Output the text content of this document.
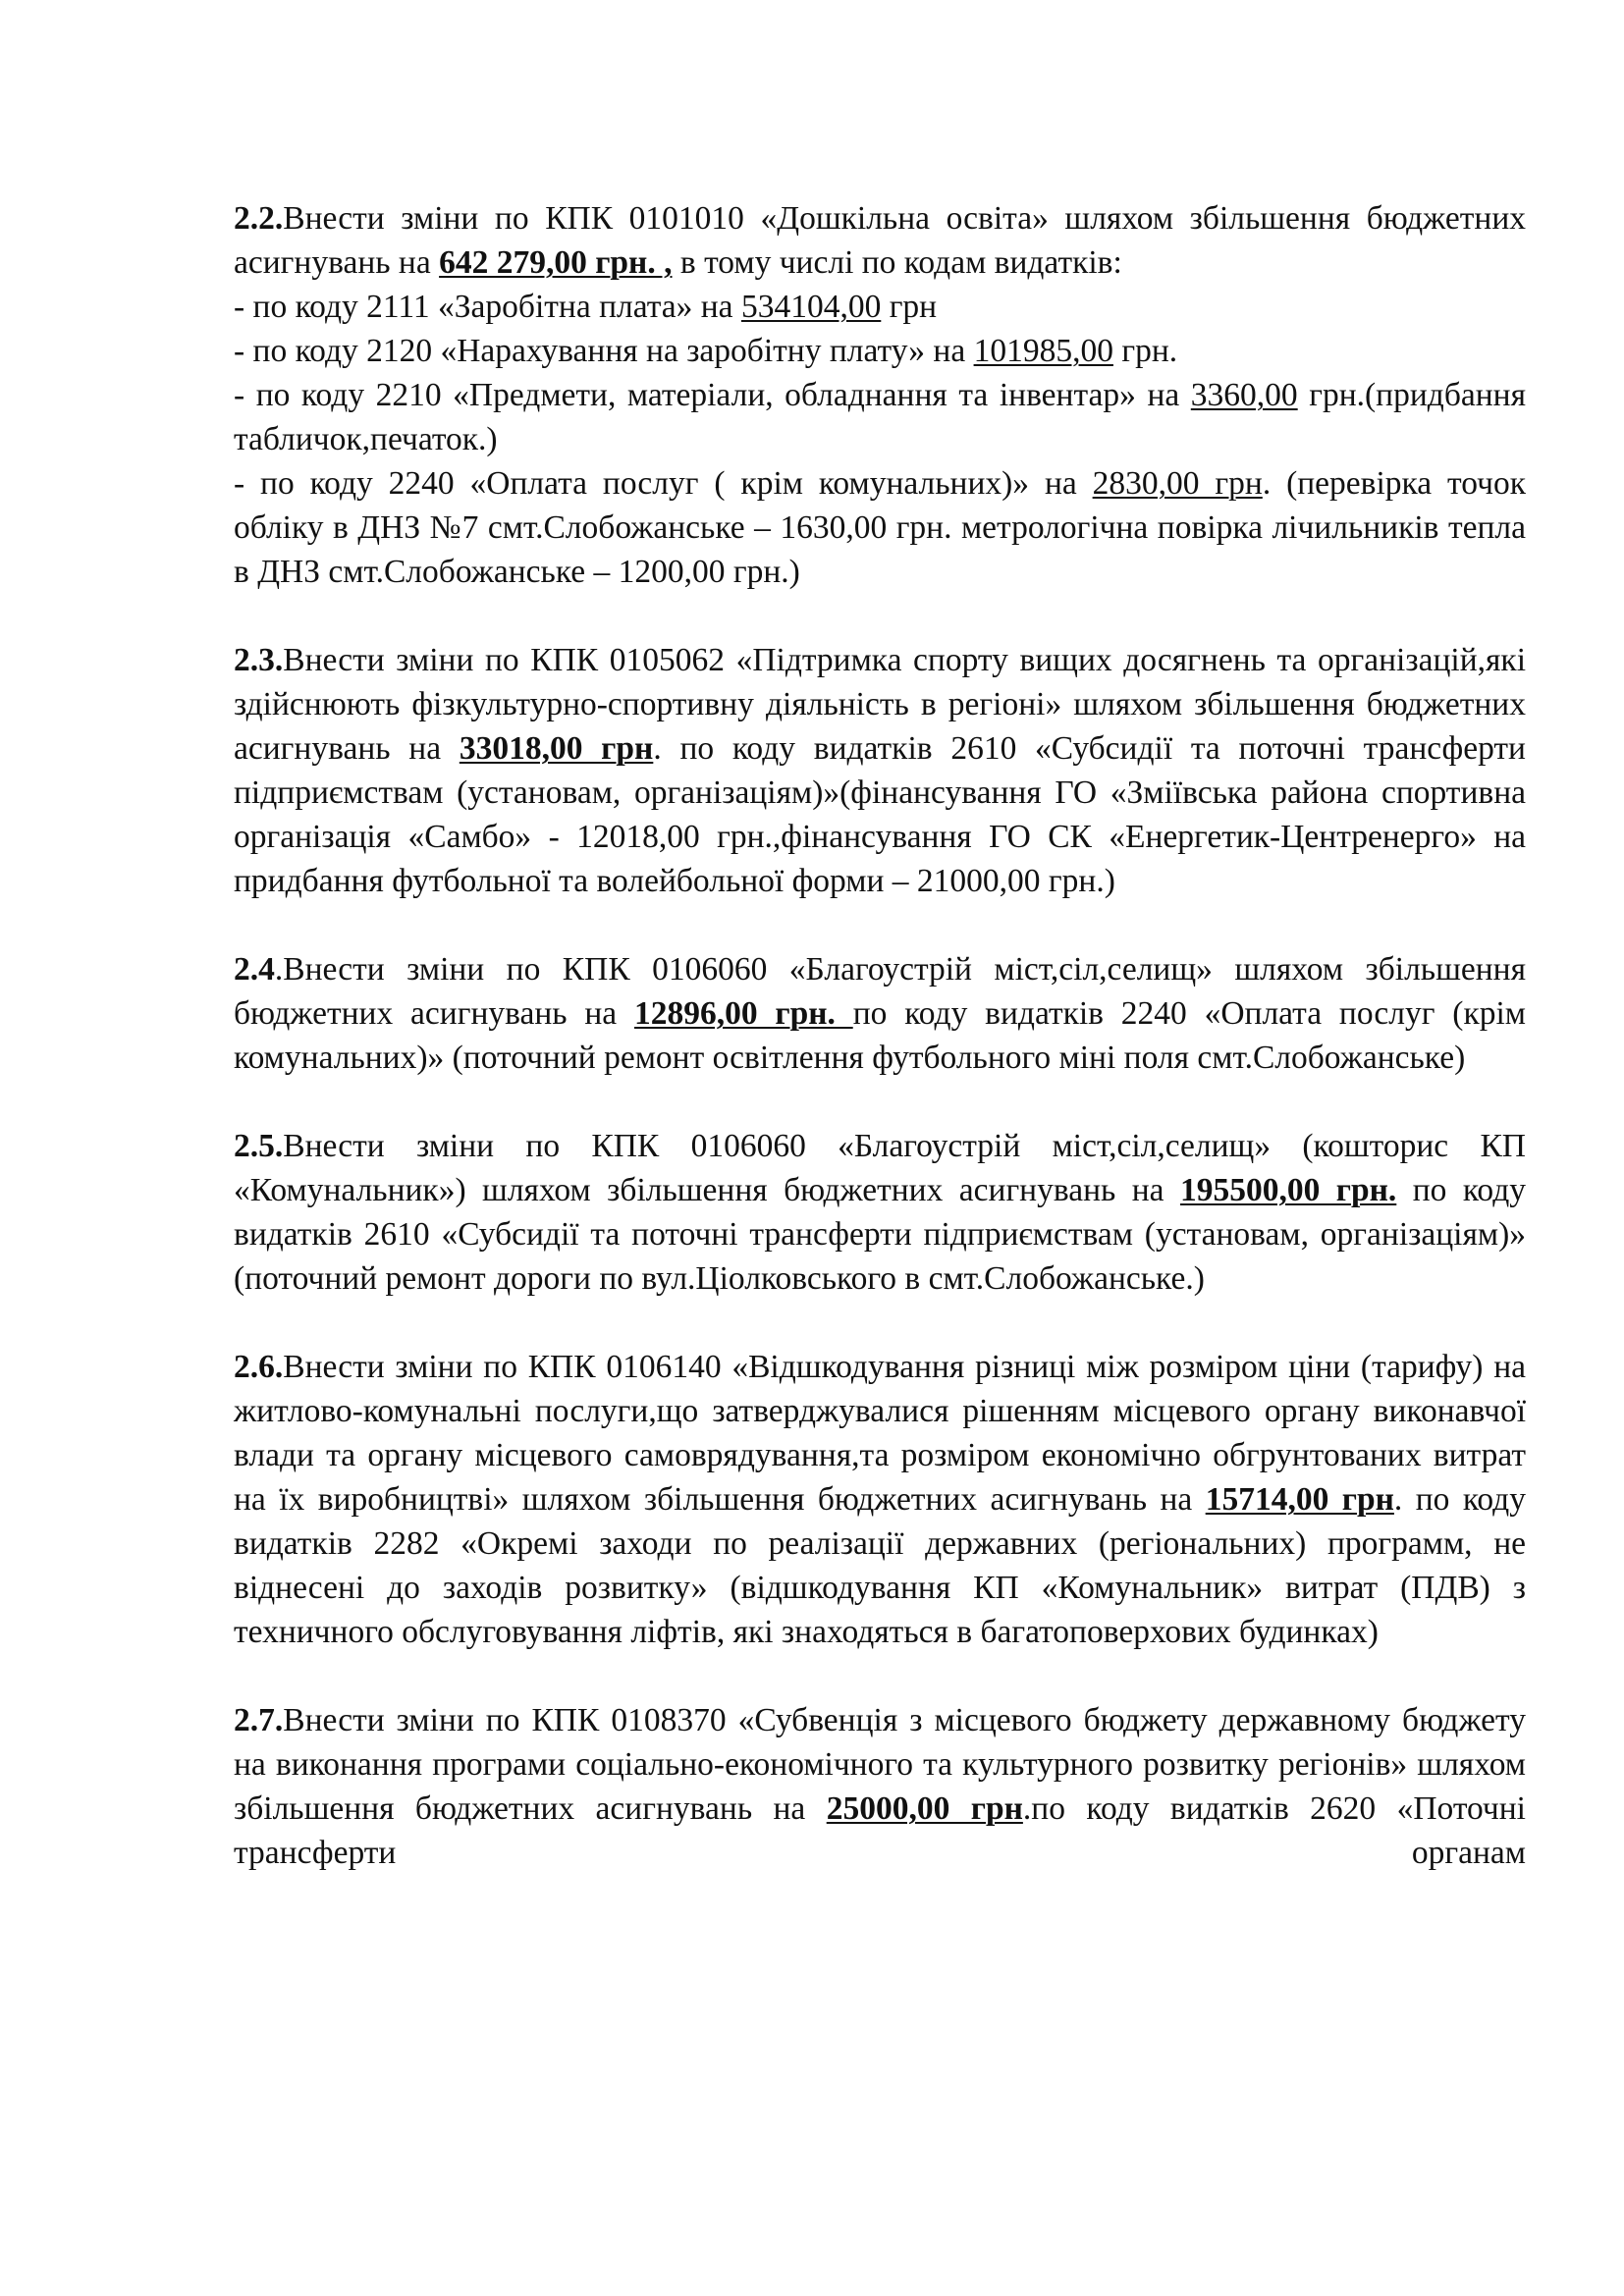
2.2.Внести зміни по КПК 0101010 «Дошкільна освіта» шляхом збільшення бюджетних асигнувань на 642 279,00 грн. , в тому числі по кодам видатків:

- по коду 2111 «Заробітна плата» на 534104,00 грн

- по коду 2120 «Нарахування на заробітну плату» на 101985,00 грн.

- по коду 2210 «Предмети, матеріали, обладнання та інвентар» на 3360,00 грн.(придбання табличок,печаток.)

- по коду 2240 «Оплата послуг ( крім комунальних)» на 2830,00 грн. (перевірка точок обліку в ДНЗ №7 смт.Слобожанське – 1630,00 грн. метрологічна повірка лічильників тепла в ДНЗ смт.Слобожанське – 1200,00 грн.)

2.3.Внести зміни по КПК 0105062 «Підтримка спорту вищих досягнень та організацій,які здійснюють фізкультурно-спортивну діяльність в регіоні» шляхом збільшення бюджетних асигнувань на 33018,00 грн. по коду видатків 2610 «Субсидії та поточні трансферти підприємствам (установам, організаціям)»(фінансування ГО «Зміївська района спортивна організація «Самбо» - 12018,00 грн.,фінансування ГО СК «Енергетик-Центренерго» на придбання футбольної та волейбольної форми – 21000,00 грн.)

2.4.Внести зміни по КПК 0106060 «Благоустрій міст,сіл,селищ» шляхом збільшення бюджетних асигнувань на 12896,00 грн. по коду видатків 2240 «Оплата послуг (крім комунальних)» (поточний ремонт освітлення футбольного міні поля смт.Слобожанське)

2.5.Внести зміни по КПК 0106060 «Благоустрій міст,сіл,селищ» (кошторис КП «Комунальник») шляхом збільшення бюджетних асигнувань на 195500,00 грн. по коду видатків 2610 «Субсидії та поточні трансферти підприємствам (установам, організаціям)» (поточний ремонт дороги по вул.Ціолковського в смт.Слобожанське.)

2.6.Внести зміни по КПК 0106140 «Відшкодування різниці між розміром ціни (тарифу) на житлово-комунальні послуги,що затверджувалися рішенням місцевого органу виконавчої влади та органу місцевого самоврядування,та розміром економічно обгрунтованих витрат на їх виробництві» шляхом збільшення бюджетних асигнувань на 15714,00 грн. по коду видатків 2282 «Окремі заходи по реалізації державних (регіональних) программ, не віднесені до заходів розвитку» (відшкодування КП «Комунальник» витрат (ПДВ) з техничного обслуговування ліфтів, які знаходяться в багатоповерхових будинках)

2.7.Внести зміни по КПК 0108370 «Субвенція з місцевого бюджету державному бюджету на виконання програми соціально-економічного та культурного розвитку регіонів» шляхом збільшення бюджетних асигнувань на 25000,00 грн.по коду видатків 2620 «Поточні трансферти органам
